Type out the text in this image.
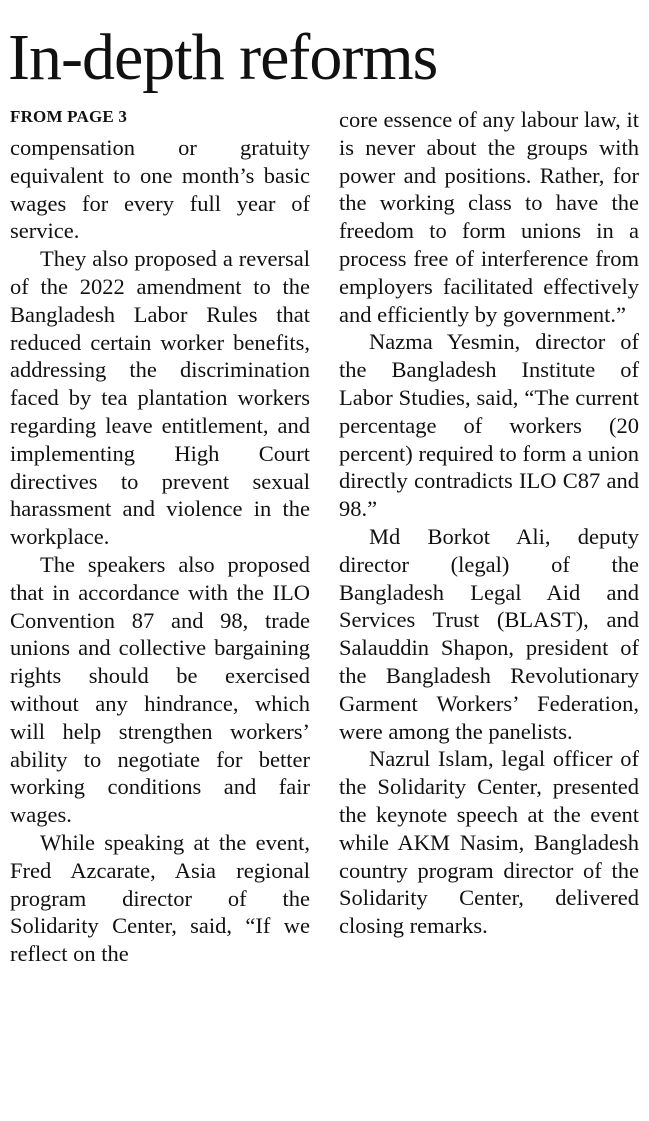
In-depth reforms
FROM PAGE 3

compensation or gratuity equivalent to one month’s basic wages for every full year of service.

They also proposed a reversal of the 2022 amendment to the Bangladesh Labor Rules that reduced certain worker benefits, addressing the discrimination faced by tea plantation workers regarding leave entitlement, and implementing High Court directives to prevent sexual harassment and violence in the workplace.

The speakers also proposed that in accordance with the ILO Convention 87 and 98, trade unions and collective bargaining rights should be exercised without any hindrance, which will help strengthen workers’ ability to negotiate for better working conditions and fair wages.

While speaking at the event, Fred Azcarate, Asia regional program director of the Solidarity Center, said, “If we reflect on the

core essence of any labour law, it is never about the groups with power and positions. Rather, for the working class to have the freedom to form unions in a process free of interference from employers facilitated effectively and efficiently by government.”

Nazma Yesmin, director of the Bangladesh Institute of Labor Studies, said, “The current percentage of workers (20 percent) required to form a union directly contradicts ILO C87 and 98.”

Md Borkot Ali, deputy director (legal) of the Bangladesh Legal Aid and Services Trust (BLAST), and Salauddin Shapon, president of the Bangladesh Revolutionary Garment Workers’ Federation, were among the panelists.

Nazrul Islam, legal officer of the Solidarity Center, presented the keynote speech at the event while AKM Nasim, Bangladesh country program director of the Solidarity Center, delivered closing remarks.
